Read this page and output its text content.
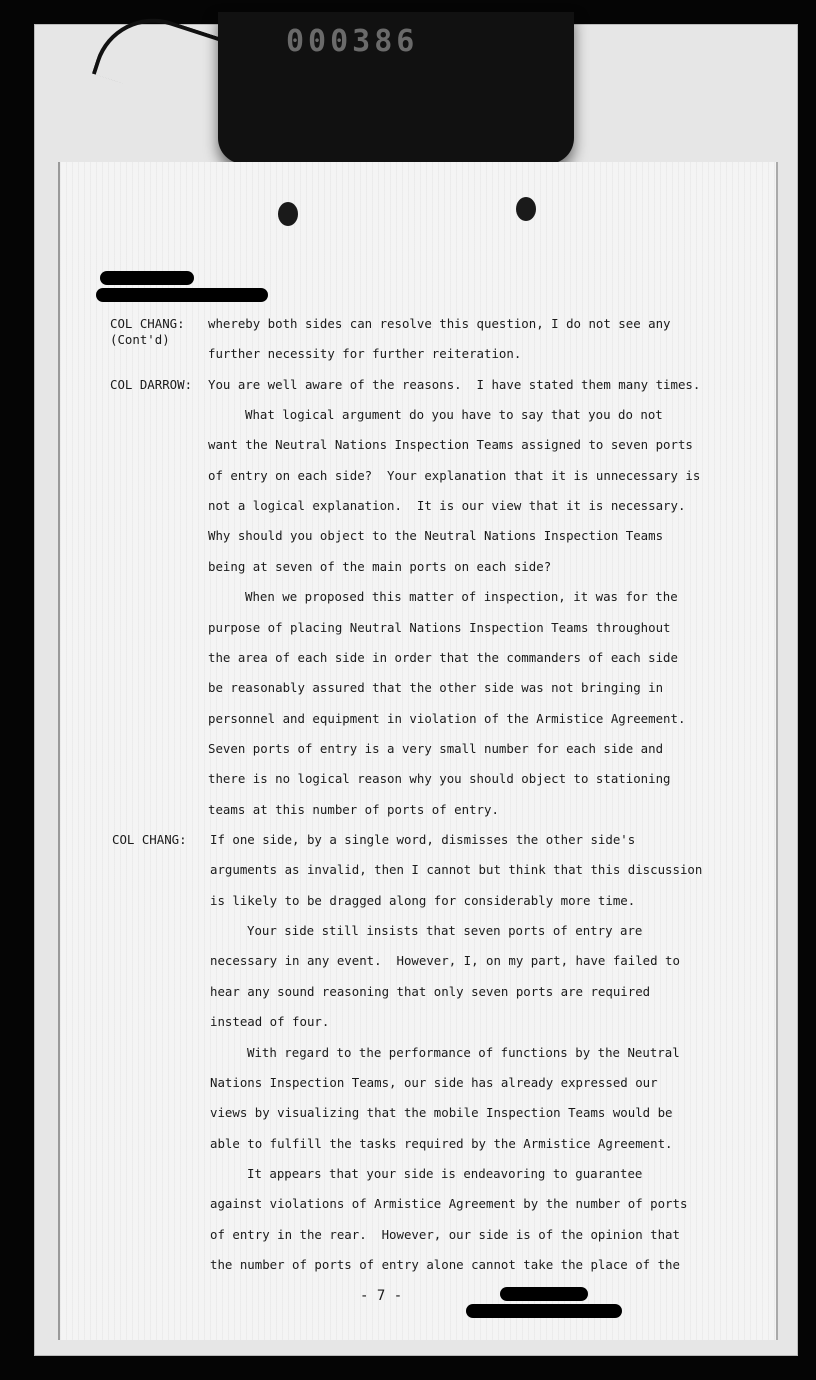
000386
COL CHANG:
(Cont'd)
COL DARROW:
COL CHANG:
whereby both sides can resolve this question, I do not see any
further necessity for further reiteration.
You are well aware of the reasons.  I have stated them many times.
What logical argument do you have to say that you do not
want the Neutral Nations Inspection Teams assigned to seven ports
of entry on each side?  Your explanation that it is unnecessary is
not a logical explanation.  It is our view that it is necessary.
Why should you object to the Neutral Nations Inspection Teams
being at seven of the main ports on each side?
When we proposed this matter of inspection, it was for the
purpose of placing Neutral Nations Inspection Teams throughout
the area of each side in order that the commanders of each side
be reasonably assured that the other side was not bringing in
personnel and equipment in violation of the Armistice Agreement.
Seven ports of entry is a very small number for each side and
there is no logical reason why you should object to stationing
teams at this number of ports of entry.
If one side, by a single word, dismisses the other side's
arguments as invalid, then I cannot but think that this discussion
is likely to be dragged along for considerably more time.
Your side still insists that seven ports of entry are
necessary in any event.  However, I, on my part, have failed to
hear any sound reasoning that only seven ports are required
instead of four.
With regard to the performance of functions by the Neutral
Nations Inspection Teams, our side has already expressed our
views by visualizing that the mobile Inspection Teams would be
able to fulfill the tasks required by the Armistice Agreement.
It appears that your side is endeavoring to guarantee
against violations of Armistice Agreement by the number of ports
of entry in the rear.  However, our side is of the opinion that
the number of ports of entry alone cannot take the place of the
- 7 -
